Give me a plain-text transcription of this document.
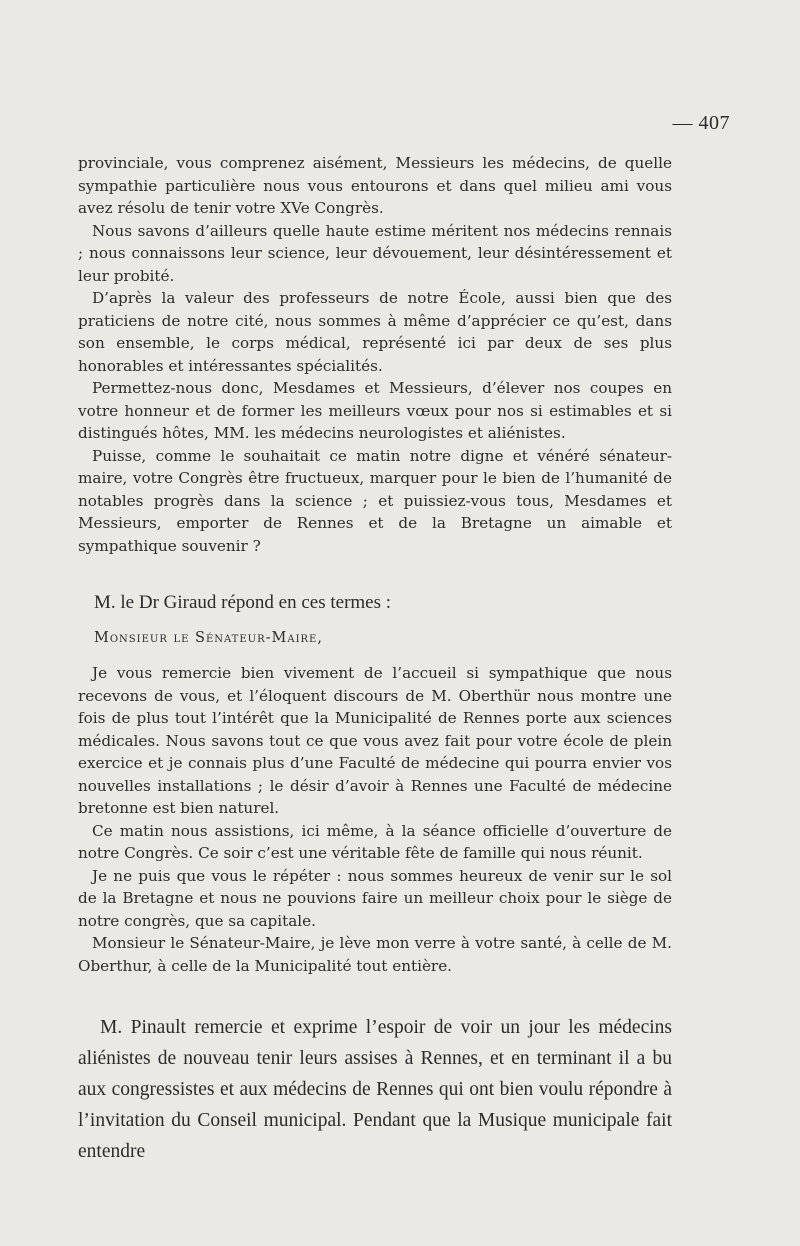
— 407

provinciale, vous comprenez aisément, Messieurs les médecins, de quelle sympathie particulière nous vous entourons et dans quel milieu ami vous avez résolu de tenir votre XVe Congrès.

Nous savons d’ailleurs quelle haute estime méritent nos médecins rennais ; nous connaissons leur science, leur dévouement, leur désintéressement et leur probité.

D’après la valeur des professeurs de notre École, aussi bien que des praticiens de notre cité, nous sommes à même d’apprécier ce qu’est, dans son ensemble, le corps médical, représenté ici par deux de ses plus honorables et intéressantes spécialités.

Permettez-nous donc, Mesdames et Messieurs, d’élever nos coupes en votre honneur et de former les meilleurs vœux pour nos si estimables et si distingués hôtes, MM. les médecins neurologistes et aliénistes.

Puisse, comme le souhaitait ce matin notre digne et vénéré sénateur-maire, votre Congrès être fructueux, marquer pour le bien de l’humanité de notables progrès dans la science ; et puissiez-vous tous, Mesdames et Messieurs, emporter de Rennes et de la Bretagne un aimable et sympathique souvenir ?

M. le Dr Giraud répond en ces termes :
Monsieur le Sénateur-Maire,

Je vous remercie bien vivement de l’accueil si sympathique que nous recevons de vous, et l’éloquent discours de M. Oberthür nous montre une fois de plus tout l’intérêt que la Municipalité de Rennes porte aux sciences médicales. Nous savons tout ce que vous avez fait pour votre école de plein exercice et je connais plus d’une Faculté de médecine qui pourra envier vos nouvelles installations ; le désir d’avoir à Rennes une Faculté de médecine bretonne est bien naturel.

Ce matin nous assistions, ici même, à la séance officielle d’ouverture de notre Congrès. Ce soir c’est une véritable fête de famille qui nous réunit.

Je ne puis que vous le répéter : nous sommes heureux de venir sur le sol de la Bretagne et nous ne pouvions faire un meilleur choix pour le siège de notre congrès, que sa capitale.

Monsieur le Sénateur-Maire, je lève mon verre à votre santé, à celle de M. Oberthur, à celle de la Municipalité tout entière.

M. Pinault remercie et exprime l’espoir de voir un jour les médecins aliénistes de nouveau tenir leurs assises à Rennes, et en terminant il a bu aux congressistes et aux médecins de Rennes qui ont bien voulu répondre à l’invitation du Conseil municipal. Pendant que la Musique municipale fait entendre
